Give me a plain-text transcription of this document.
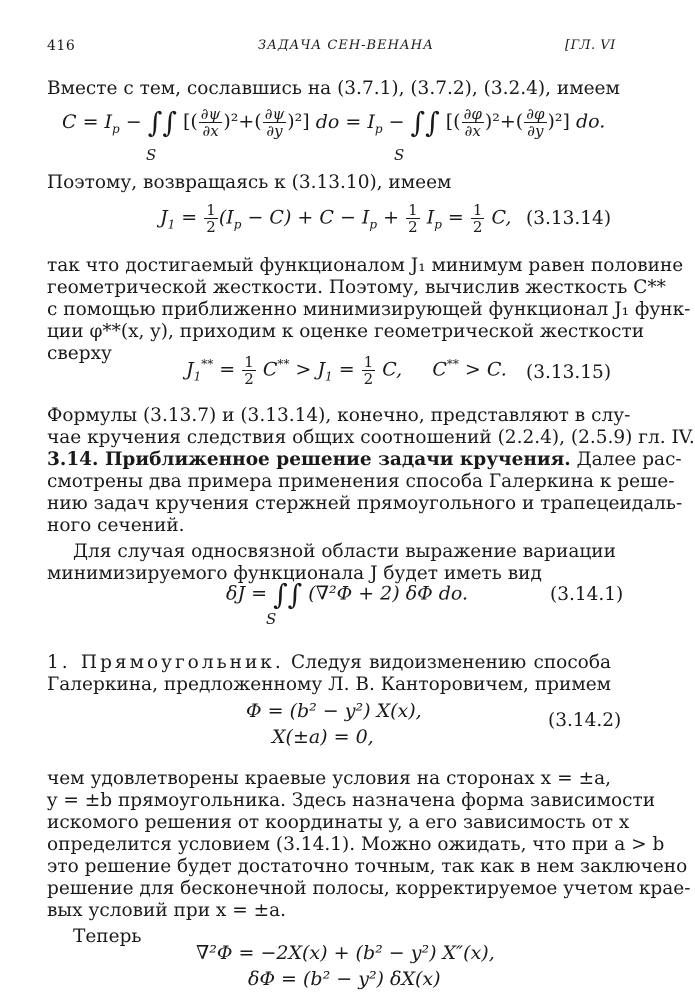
416	ЗАДАЧА СЕН-ВЕНАНА	[ГЛ. VI
Вместе с тем, сославшись на (3.7.1), (3.7.2), (3.2.4), имеем
$C = I_p$ − ∫∫ [( $\frac{\partial\psi}{\partial x} )^2+( \frac{\partial\psi}{\partial y} )^2$] do = $I_p$ − ∫∫ [( $\frac{\partial\varphi}{\partial x} )^2+( \frac{\partial\varphi}{\partial y} )^2$] do.
S	S
Поэтому, возвращаясь к (3.13.10), имеем
$J_1 = \frac{1}{2} (I_p - C) + C - I_p + \frac{1}{2} I_p = \frac{1}{2} C$, (3.13.14)
так что достигаемый функционалом J₁ минимум равен половине
геометрической жесткости. Поэтому, вычислив жесткость C**
с помощью приближенно минимизирующей функционал J₁ функ-
ции φ**(x, y), приходим к оценке геометрической жесткости
сверху
$J_1^{**} = \frac{1}{2} C^{**} > J_1 = \frac{1}{2} C$,     C** > C. (3.13.15)
Формулы (3.13.7) и (3.13.14), конечно, представляют в слу-
чае кручения следствия общих соотношений (2.2.4), (2.5.9) гл. IV.
3.14. Приближенное решение задачи кручения. Далее рас-
смотрены два примера применения способа Галеркина к реше-
нию задач кручения стержней прямоугольного и трапецеидаль-
ного сечений.
Для случая односвязной области выражение вариации
минимизируемого функционала J будет иметь вид
δJ = ∫∫ (∇²Φ + 2) δΦ do.
S
(3.14.1)
1. Прямоугольник. Следуя видоизменению способа
Галеркина, предложенному Л. В. Канторовичем, примем
Φ = (b² − y²) X(x),
X(±a) = 0,
(3.14.2)
чем удовлетворены краевые условия на сторонах x = ±a,
y = ±b прямоугольника. Здесь назначена форма зависимости
искомого решения от координаты y, а его зависимость от x
определится условием (3.14.1). Можно ожидать, что при a > b
это решение будет достаточно точным, так как в нем заключено
решение для бесконечной полосы, корректируемое учетом крае-
вых условий при x = ±a.
Теперь
∇²Φ = −2X(x) + (b² − y²) X″(x),
δΦ = (b² − y²) δX(x)
